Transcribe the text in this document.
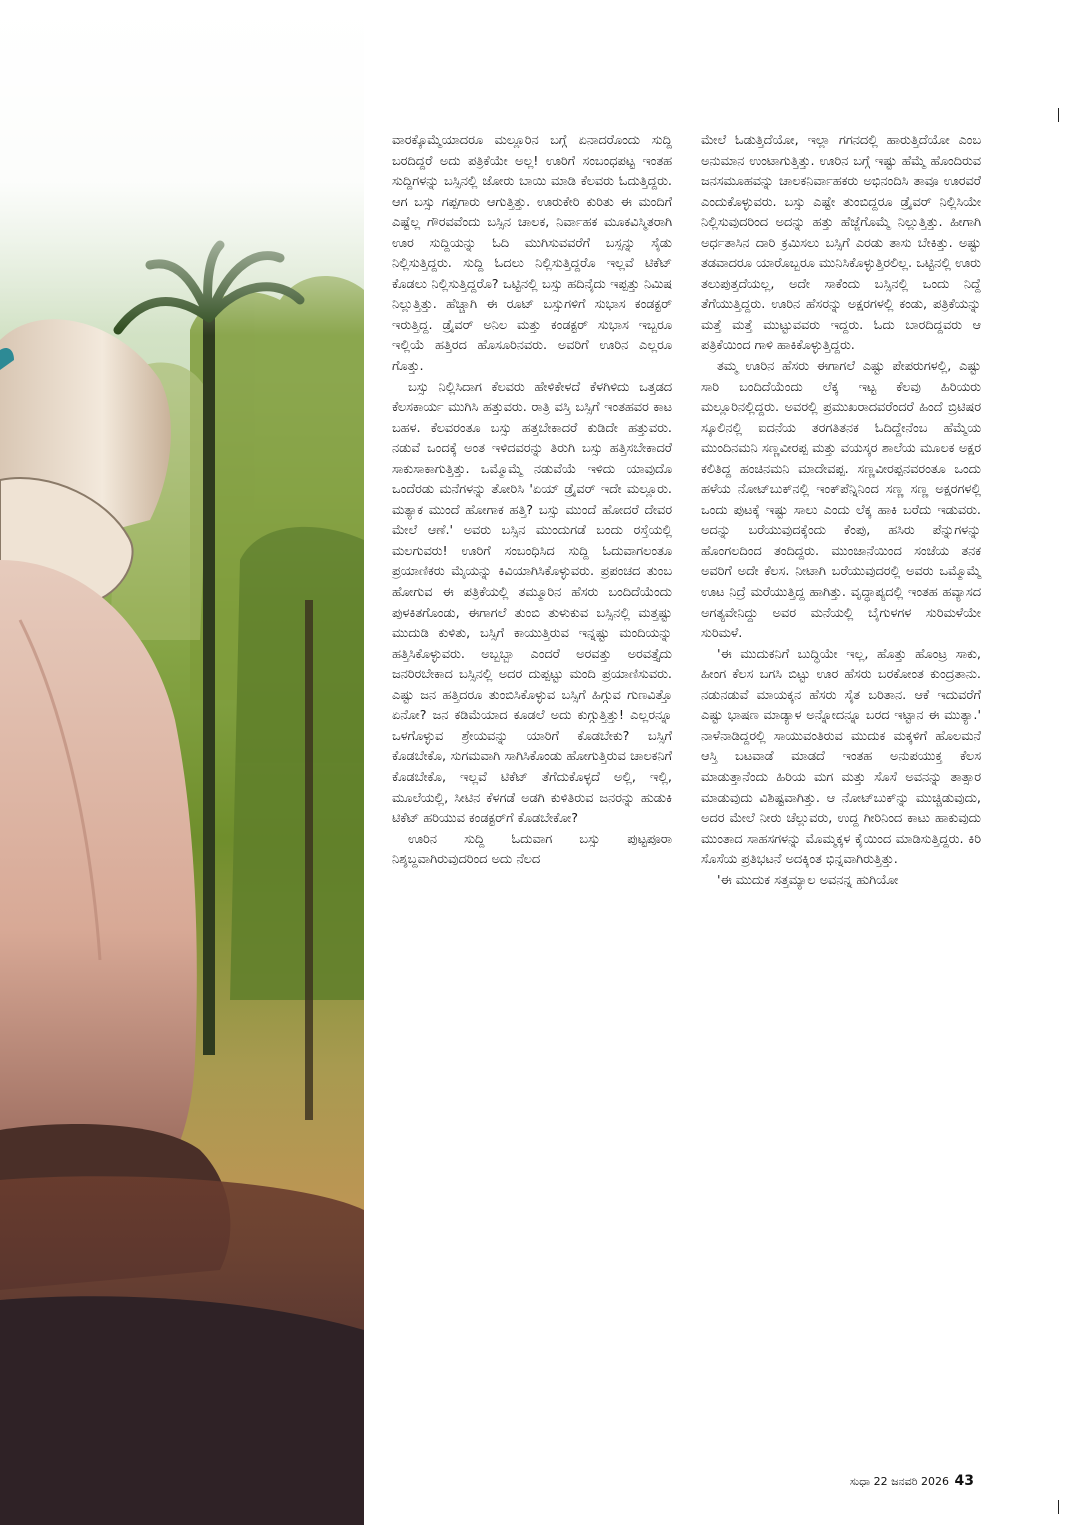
ವಾರಕ್ಕೊಮ್ಮೆಯಾದರೂ ಮಲ್ಲೂರಿನ ಬಗ್ಗೆ ಏನಾದರೊಂದು ಸುದ್ದಿ ಬರದಿದ್ದರೆ ಅದು ಪತ್ರಿಕೆಯೇ ಅಲ್ಲ! ಊರಿಗೆ ಸಂಬಂಧಪಟ್ಟ ಇಂತಹ ಸುದ್ದಿಗಳನ್ನು ಬಸ್ಸಿನಲ್ಲಿ ಜೋರು ಬಾಯಿ ಮಾಡಿ ಕೆಲವರು ಓದುತ್ತಿದ್ದರು. ಆಗ ಬಸ್ಸು ಗಪ್ಪಗಾರು ಆಗುತ್ತಿತ್ತು. ಊರುಕೇರಿ ಕುರಿತು ಈ ಮಂದಿಗೆ ಎಷ್ಟೆಲ್ಲ ಗೌರವವೆಂದು ಬಸ್ಸಿನ ಚಾಲಕ, ನಿರ್ವಾಹಕ ಮೂಕವಿಸ್ಮಿತರಾಗಿ ಊರ ಸುದ್ದಿಯನ್ನು ಓದಿ ಮುಗಿಸುವವರೆಗೆ ಬಸ್ಸನ್ನು ಸೈಡು ನಿಲ್ಲಿಸುತ್ತಿದ್ದರು. ಸುದ್ದಿ ಓದಲು ನಿಲ್ಲಿಸುತ್ತಿದ್ದರೊ ಇಲ್ಲವೆ ಟಿಕೆಟ್ ಕೊಡಲು ನಿಲ್ಲಿಸುತ್ತಿದ್ದರೊ? ಒಟ್ಟಿನಲ್ಲಿ ಬಸ್ಸು ಹದಿನೈದು ಇಪ್ಪತ್ತು ನಿಮಿಷ ನಿಲ್ಲುತ್ತಿತ್ತು. ಹೆಚ್ಚಾಗಿ ಈ ರೂಟ್ ಬಸ್ಸುಗಳಿಗೆ ಸುಭಾಸ ಕಂಡಕ್ಟರ್ ಇರುತ್ತಿದ್ದ. ಡ್ರೈವರ್ ಅನಿಲ ಮತ್ತು ಕಂಡಕ್ಟರ್ ಸುಭಾಸ ಇಬ್ಬರೂ ಇಲ್ಲಿಯೆ ಹತ್ತಿರದ ಹೊಸೂರಿನವರು. ಅವರಿಗೆ ಊರಿನ ಎಲ್ಲರೂ ಗೊತ್ತು.

ಬಸ್ಸು ನಿಲ್ಲಿಸಿದಾಗ ಕೆಲವರು ಹೇಳಿಕೇಳದೆ ಕೆಳಗಿಳಿದು ಒತ್ತಡದ ಕೆಲಸಕಾರ್ಯ ಮುಗಿಸಿ ಹತ್ತುವರು. ರಾತ್ರಿ ವಸ್ತಿ ಬಸ್ಸಿಗೆ ಇಂತಹವರ ಕಾಟ ಬಹಳ. ಕೆಲವರಂತೂ ಬಸ್ಸು ಹತ್ತಬೇಕಾದರೆ ಕುಡಿದೇ ಹತ್ತುವರು. ನಡುವೆ ಒಂದಕ್ಕೆ ಅಂತ ಇಳಿದವರನ್ನು ತಿರುಗಿ ಬಸ್ಸು ಹತ್ತಿಸಬೇಕಾದರೆ ಸಾಕುಸಾಕಾಗುತ್ತಿತ್ತು. ಒಮ್ಮೊಮ್ಮೆ ನಡುವೆಯೆ ಇಳಿದು ಯಾವುದೊ ಒಂದೆರಡು ಮನೆಗಳನ್ನು ತೋರಿಸಿ 'ಏಯ್ ಡ್ರೈವರ್ ಇದೇ ಮಲ್ಲೂರು. ಮತ್ಯಾಕ ಮುಂದೆ ಹೋಗಾಕ ಹತ್ತಿ? ಬಸ್ಸು ಮುಂದೆ ಹೋದರೆ ದೇವರ ಮೇಲೆ ಆಣೆ.' ಅವರು ಬಸ್ಸಿನ ಮುಂದುಗಡೆ ಬಂದು ರಸ್ತೆಯಲ್ಲಿ ಮಲಗುವರು! ಊರಿಗೆ ಸಂಬಂಧಿಸಿದ ಸುದ್ದಿ ಓದುವಾಗಲಂತೂ ಪ್ರಯಾಣಿಕರು ಮೈಯನ್ನು ಕಿವಿಯಾಗಿಸಿಕೊಳ್ಳುವರು. ಪ್ರಪಂಚದ ತುಂಬ ಹೋಗುವ ಈ ಪತ್ರಿಕೆಯಲ್ಲಿ ತಮ್ಮೂರಿನ ಹೆಸರು ಬಂದಿದೆಯೆಂದು ಪುಳಕಿತಗೊಂಡು, ಈಗಾಗಲೆ ತುಂಬಿ ತುಳುಕುವ ಬಸ್ಸಿನಲ್ಲಿ ಮತ್ತಷ್ಟು ಮುದುಡಿ ಕುಳಿತು, ಬಸ್ಸಿಗೆ ಕಾಯುತ್ತಿರುವ ಇನ್ನಷ್ಟು ಮಂದಿಯನ್ನು ಹತ್ತಿಸಿಕೊಳ್ಳುವರು. ಅಬ್ಬಬ್ಬಾ ಎಂದರೆ ಅರವತ್ತು ಅರವತ್ತೈದು ಜನರಿರಬೇಕಾದ ಬಸ್ಸಿನಲ್ಲಿ ಅದರ ದುಪ್ಪಟ್ಟು ಮಂದಿ ಪ್ರಯಾಣಿಸುವರು. ಎಷ್ಟು ಜನ ಹತ್ತಿದರೂ ತುಂಬಿಸಿಕೊಳ್ಳುವ ಬಸ್ಸಿಗೆ ಹಿಗ್ಗುವ ಗುಣವಿತ್ತೊ ಏನೋ? ಜನ ಕಡಿಮೆಯಾದ ಕೂಡಲೆ ಅದು ಕುಗ್ಗುತ್ತಿತ್ತು! ಎಲ್ಲರನ್ನೂ ಒಳಗೊಳ್ಳುವ ಶ್ರೇಯವನ್ನು ಯಾರಿಗೆ ಕೊಡಬೇಕು? ಬಸ್ಸಿಗೆ ಕೊಡಬೇಕೊ, ಸುಗಮವಾಗಿ ಸಾಗಿಸಿಕೊಂಡು ಹೋಗುತ್ತಿರುವ ಚಾಲಕನಿಗೆ ಕೊಡಬೇಕೊ, ಇಲ್ಲವೆ ಟಿಕೆಟ್ ತೆಗೆದುಕೊಳ್ಳದೆ ಅಲ್ಲಿ, ಇಲ್ಲಿ, ಮೂಲೆಯಲ್ಲಿ, ಸೀಟಿನ ಕೆಳಗಡೆ ಅಡಗಿ ಕುಳಿತಿರುವ ಜನರನ್ನು ಹುಡುಕಿ ಟಿಕೆಟ್ ಹರಿಯುವ ಕಂಡಕ್ಟರ್‌ಗೆ ಕೊಡಬೇಕೋ?

ಊರಿನ ಸುದ್ದಿ ಓದುವಾಗ ಬಸ್ಸು ಪುಟ್ಟಪೂರಾ ನಿಶ್ಶಬ್ದವಾಗಿರುವುದರಿಂದ ಅದು ನೆಲದ

ಮೇಲೆ ಓಡುತ್ತಿದೆಯೋ, ಇಲ್ಲಾ ಗಗನದಲ್ಲಿ ಹಾರುತ್ತಿದೆಯೋ ಎಂಬ ಅನುಮಾನ ಉಂಟಾಗುತ್ತಿತ್ತು. ಊರಿನ ಬಗ್ಗೆ ಇಷ್ಟು ಹೆಮ್ಮೆ ಹೊಂದಿರುವ ಜನಸಮೂಹವನ್ನು ಚಾಲಕನಿರ್ವಾಹಕರು ಅಭಿನಂದಿಸಿ ತಾವೂ ಊರವರೆ ಎಂದುಕೊಳ್ಳುವರು. ಬಸ್ಸು ಎಷ್ಟೇ ತುಂಬಿದ್ದರೂ ಡ್ರೈವರ್ ನಿಲ್ಲಿಸಿಯೇ ನಿಲ್ಲಿಸುವುದರಿಂದ ಅದನ್ನು ಹತ್ತು ಹೆಜ್ಜೆಗೊಮ್ಮೆ ನಿಲ್ಲುತ್ತಿತ್ತು. ಹೀಗಾಗಿ ಅರ್ಧತಾಸಿನ ದಾರಿ ಕ್ರಮಿಸಲು ಬಸ್ಸಿಗೆ ಎರಡು ತಾಸು ಬೇಕಿತ್ತು. ಅಷ್ಟು ತಡವಾದರೂ ಯಾರೊಬ್ಬರೂ ಮುನಿಸಿಕೊಳ್ಳುತ್ತಿರಲಿಲ್ಲ. ಒಟ್ಟಿನಲ್ಲಿ ಊರು ತಲುಪುತ್ತದೆಯಲ್ಲ, ಅದೇ ಸಾಕೆಂದು ಬಸ್ಸಿನಲ್ಲಿ ಒಂದು ನಿದ್ದೆ ತೆಗೆಯುತ್ತಿದ್ದರು. ಊರಿನ ಹೆಸರನ್ನು ಅಕ್ಷರಗಳಲ್ಲಿ ಕಂಡು, ಪತ್ರಿಕೆಯನ್ನು ಮತ್ತೆ ಮತ್ತೆ ಮುಟ್ಟುವವರು ಇದ್ದರು. ಓದು ಬಾರದಿದ್ದವರು ಆ ಪತ್ರಿಕೆಯಿಂದ ಗಾಳಿ ಹಾಕಿಕೊಳ್ಳುತ್ತಿದ್ದರು.

ತಮ್ಮ ಊರಿನ ಹೆಸರು ಈಗಾಗಲೆ ಎಷ್ಟು ಪೇಪರುಗಳಲ್ಲಿ, ಎಷ್ಟು ಸಾರಿ ಬಂದಿದೆಯೆಂದು ಲೆಕ್ಕ ಇಟ್ಟ ಕೆಲವು ಹಿರಿಯರು ಮಲ್ಲೂರಿನಲ್ಲಿದ್ದರು. ಅವರಲ್ಲಿ ಪ್ರಮುಖರಾದವರೆಂದರೆ ಹಿಂದೆ ಬ್ರಿಟಿಷರ ಸ್ಕೂಲಿನಲ್ಲಿ ಐದನೆಯ ತರಗತಿತನಕ ಓದಿದ್ದೇನೆಂಬ ಹೆಮ್ಮೆಯ ಮುಂದಿನಮನಿ ಸಣ್ಣವೀರಪ್ಪ ಮತ್ತು ವಯಸ್ಕರ ಶಾಲೆಯ ಮೂಲಕ ಅಕ್ಷರ ಕಲಿತಿದ್ದ ಹಂಚಿನಮನಿ ಮಾದೇವಪ್ಪ. ಸಣ್ಣವೀರಪ್ಪನವರಂತೂ ಒಂದು ಹಳೆಯ ನೋಟ್‌ಬುಕ್‌ನಲ್ಲಿ ಇಂಕ್‌ಪೆನ್ನಿನಿಂದ ಸಣ್ಣ ಸಣ್ಣ ಅಕ್ಷರಗಳಲ್ಲಿ ಒಂದು ಪುಟಕ್ಕೆ ಇಷ್ಟು ಸಾಲು ಎಂದು ಲೆಕ್ಕ ಹಾಕಿ ಬರೆದು ಇಡುವರು. ಅದನ್ನು ಬರೆಯುವುದಕ್ಕೆಂದು ಕೆಂಪು, ಹಸಿರು ಪೆನ್ನುಗಳನ್ನು ಹೊಂಗಲದಿಂದ ತಂದಿದ್ದರು. ಮುಂಜಾನೆಯಿಂದ ಸಂಜೆಯ ತನಕ ಅವರಿಗೆ ಅದೇ ಕೆಲಸ. ನೀಟಾಗಿ ಬರೆಯುವುದರಲ್ಲಿ ಅವರು ಒಮ್ಮೊಮ್ಮೆ ಊಟ ನಿದ್ರೆ ಮರೆಯುತ್ತಿದ್ದ ಹಾಗಿತ್ತು. ವೃದ್ಧಾಪ್ಯದಲ್ಲಿ ಇಂತಹ ಹವ್ಯಾಸದ ಅಗತ್ಯವೇನಿದ್ದು ಅವರ ಮನೆಯಲ್ಲಿ ಬೈಗುಳಗಳ ಸುರಿಮಳೆಯೇ ಸುರಿಮಳೆ.

'ಈ ಮುದುಕನಿಗೆ ಬುದ್ಧಿಯೇ ಇಲ್ಲ, ಹೊತ್ತು ಹೊಂಟ್ರ ಸಾಕು, ಹೀಂಗ ಕೆಲಸ ಬಗಸಿ ಬಿಟ್ಟು ಊರ ಹೆಸರು ಬರಕೋಂತ ಕುಂದ್ರತಾನು. ನಡುನಡುವೆ ಮಾಯಕ್ಕನ ಹೆಸರು ಸೈತ ಬರಿತಾನ. ಆಕೆ ಇದುವರೆಗೆ ಎಷ್ಟು ಭಾಷಣ ಮಾಡ್ಯಾಳ ಅನ್ನೋದನ್ನೂ ಬರದ ಇಟ್ಟಾನ ಈ ಮುತ್ಯಾ.' ನಾಳೆನಾಡಿದ್ದರಲ್ಲಿ ಸಾಯುವಂತಿರುವ ಮುದುಕ ಮಕ್ಕಳಿಗೆ ಹೊಲಮನೆ ಆಸ್ತಿ ಬಟವಾಡೆ ಮಾಡದೆ ಇಂತಹ ಅನುಪಯುಕ್ತ ಕೆಲಸ ಮಾಡುತ್ತಾನೆಂದು ಹಿರಿಯ ಮಗ ಮತ್ತು ಸೊಸೆ ಅವನನ್ನು ತಾತ್ಸಾರ ಮಾಡುವುದು ವಿಶಿಷ್ಟವಾಗಿತ್ತು. ಆ ನೋಟ್‌ಬುಕ್‌ನ್ನು ಮುಚ್ಚಿಡುವುದು, ಅದರ ಮೇಲೆ ನೀರು ಚೆಲ್ಲುವರು, ಉದ್ದ ಗೀರಿನಿಂದ ಕಾಟು ಹಾಕುವುದು ಮುಂತಾದ ಸಾಹಸಗಳನ್ನು ಮೊಮ್ಮಕ್ಕಳ ಕೈಯಿಂದ ಮಾಡಿಸುತ್ತಿದ್ದರು. ಕಿರಿ ಸೊಸೆಯ ಪ್ರತಿಭಟನೆ ಅದಕ್ಕಿಂತ ಭಿನ್ನವಾಗಿರುತ್ತಿತ್ತು.

'ಈ ಮುದುಕ ಸತ್ತಮ್ಯಾಲ ಅವನನ್ನ ಹುಗಿಯೋ

ಸುಧಾ 22 ಜನವರಿ 2026 43
